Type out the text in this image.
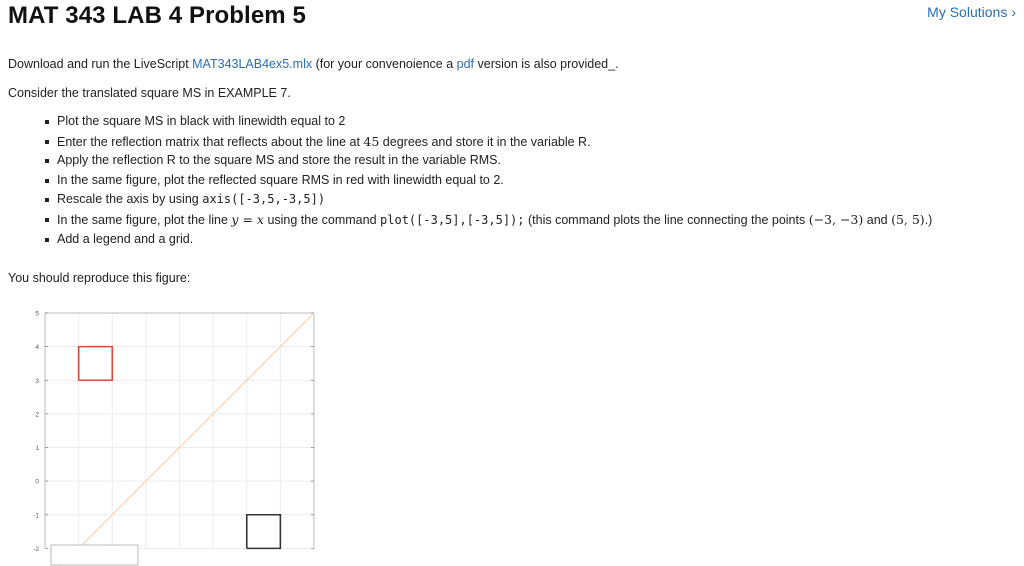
MAT 343 LAB 4 Problem 5	My Solutions ›
Download and run the LiveScript MAT343LAB4ex5.mlx (for your convenoience a pdf version is also provided_.
Consider the translated square MS in EXAMPLE 7.
Plot the square MS in black with linewidth equal to 2
Enter the reflection matrix that reflects about the line at 45 degrees and store it in the variable R.
Apply the reflection R to the square MS and store the result in the variable RMS.
In the same figure, plot the reflected square RMS in red with linewidth equal to 2.
Rescale the axis by using axis([-3,5,-3,5])
In the same figure, plot the line y = x using the command plot([-3,5],[-3,5]); (this command plots the line connecting the points (−3, −3) and (5, 5).)
Add a legend and a grid.
You should reproduce this figure:
5
4
3
2
1
0
-1
-2
